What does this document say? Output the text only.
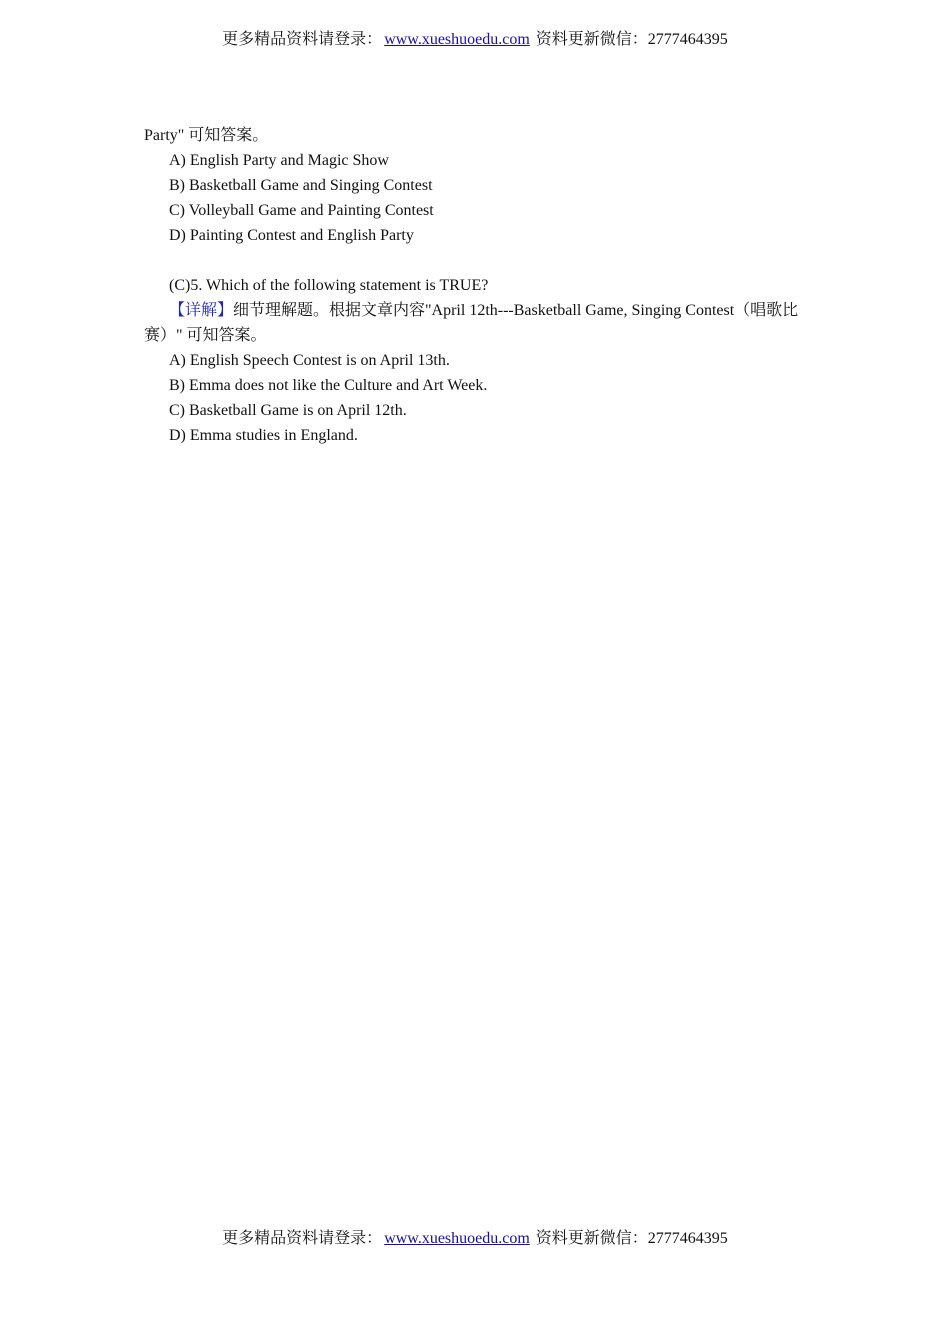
更多精品资料请登录： www.xueshuoedu.com 资料更新微信：2777464395
Party" 可知答案。
A) English Party and Magic Show
B) Basketball Game and Singing Contest
C) Volleyball Game and Painting Contest
D) Painting Contest and English Party
(C)5. Which of the following statement is TRUE?
【详解】细节理解题。根据文章内容"April 12th---Basketball Game, Singing Contest（唱歌比
赛）" 可知答案。
A) English Speech Contest is on April 13th.
B) Emma does not like the Culture and Art Week.
C) Basketball Game is on April 12th.
D) Emma studies in England.
更多精品资料请登录： www.xueshuoedu.com 资料更新微信：2777464395
